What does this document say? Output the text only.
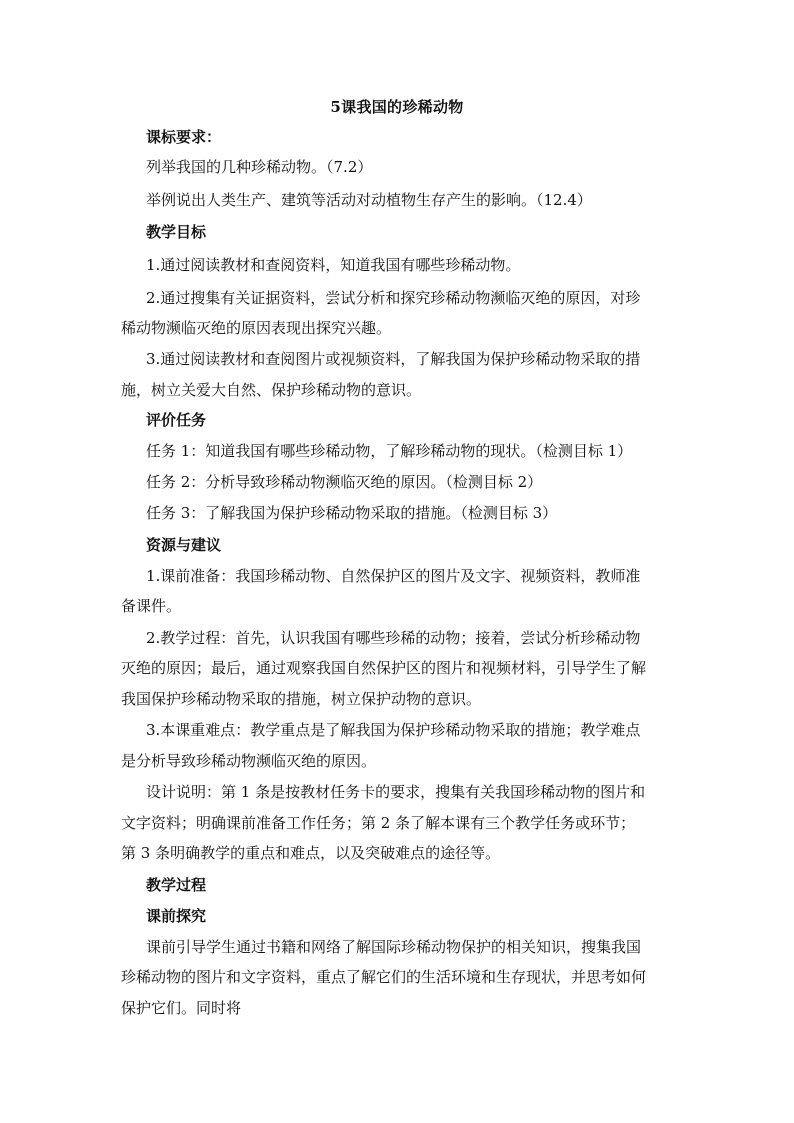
5课我国的珍稀动物
课标要求：
列举我国的几种珍稀动物。（7.2）
举例说出人类生产、建筑等活动对动植物生存产生的影响。（12.4）
教学目标
1.通过阅读教材和查阅资料，知道我国有哪些珍稀动物。
2.通过搜集有关证据资料，尝试分析和探究珍稀动物濒临灭绝的原因，对珍
稀动物濒临灭绝的原因表现出探究兴趣。
3.通过阅读教材和查阅图片或视频资料，了解我国为保护珍稀动物采取的措
施，树立关爱大自然、保护珍稀动物的意识。
评价任务
任务 1：知道我国有哪些珍稀动物，了解珍稀动物的现状。（检测目标 1）
任务 2：分析导致珍稀动物濒临灭绝的原因。（检测目标 2）
任务 3：了解我国为保护珍稀动物采取的措施。（检测目标 3）
资源与建议
1.课前准备：我国珍稀动物、自然保护区的图片及文字、视频资料，教师准
备课件。
2.教学过程：首先，认识我国有哪些珍稀的动物；接着，尝试分析珍稀动物
灭绝的原因；最后，通过观察我国自然保护区的图片和视频材料，引导学生了解
我国保护珍稀动物采取的措施，树立保护动物的意识。
3.本课重难点：教学重点是了解我国为保护珍稀动物采取的措施；教学难点
是分析导致珍稀动物濒临灭绝的原因。
设计说明：第 1 条是按教材任务卡的要求，搜集有关我国珍稀动物的图片和
文字资料；明确课前准备工作任务；第 2 条了解本课有三个教学任务或环节；
第 3 条明确教学的重点和难点，以及突破难点的途径等。
教学过程
课前探究
课前引导学生通过书籍和网络了解国际珍稀动物保护的相关知识，搜集我国
珍稀动物的图片和文字资料，重点了解它们的生活环境和生存现状，并思考如何
保护它们。同时将
